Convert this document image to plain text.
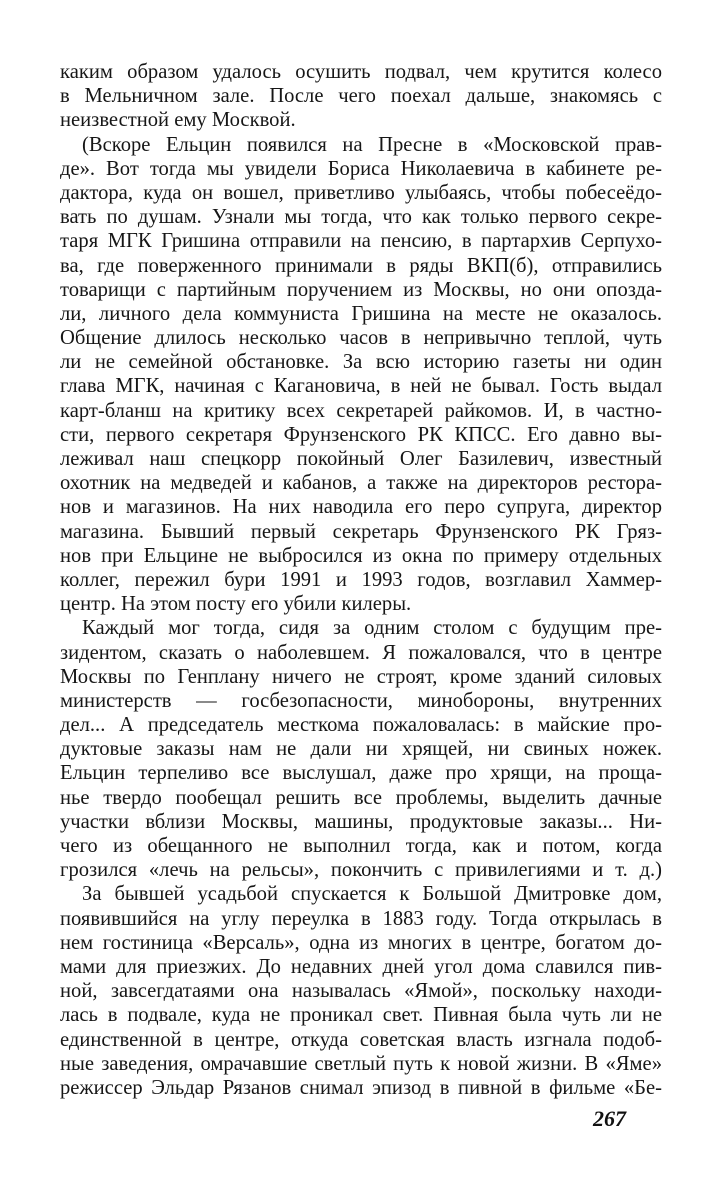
каким образом удалось осушить подвал, чем крутится колесо
в Мельничном зале. После чего поехал дальше, знакомясь с
неизвестной ему Москвой.
(Вскоре Ельцин появился на Пресне в «Московской прав-
де». Вот тогда мы увидели Бориса Николаевича в кабинете ре-
дактора, куда он вошел, приветливо улыбаясь, чтобы побесеёдо-
вать по душам. Узнали мы тогда, что как только первого секре-
таря МГК Гришина отправили на пенсию, в партархив Серпухо-
ва, где поверженного принимали в ряды ВКП(б), отправились
товарищи с партийным поручением из Москвы, но они опозда-
ли, личного дела коммуниста Гришина на месте не оказалось.
Общение длилось несколько часов в непривычно теплой, чуть
ли не семейной обстановке. За всю историю газеты ни один
глава МГК, начиная с Кагановича, в ней не бывал. Гость выдал
карт-бланш на критику всех секретарей райкомов. И, в частно-
сти, первого секретаря Фрунзенского РК КПСС. Его давно вы-
леживал наш спецкорр покойный Олег Базилевич, известный
охотник на медведей и кабанов, а также на директоров рестора-
нов и магазинов. На них наводила его перо супруга, директор
магазина. Бывший первый секретарь Фрунзенского РК Гряз-
нов при Ельцине не выбросился из окна по примеру отдельных
коллег, пережил бури 1991 и 1993 годов, возглавил Хаммер-
центр. На этом посту его убили килеры.
Каждый мог тогда, сидя за одним столом с будущим пре-
зидентом, сказать о наболевшем. Я пожаловался, что в центре
Москвы по Генплану ничего не строят, кроме зданий силовых
министерств — госбезопасности, минобороны, внутренних
дел... А председатель месткома пожаловалась: в майские про-
дуктовые заказы нам не дали ни хрящей, ни свиных ножек.
Ельцин терпеливо все выслушал, даже про хрящи, на проща-
нье твердо пообещал решить все проблемы, выделить дачные
участки вблизи Москвы, машины, продуктовые заказы... Ни-
чего из обещанного не выполнил тогда, как и потом, когда
грозился «лечь на рельсы», покончить с привилегиями и т. д.)
За бывшей усадьбой спускается к Большой Дмитровке дом,
появившийся на углу переулка в 1883 году. Тогда открылась в
нем гостиница «Версаль», одна из многих в центре, богатом до-
мами для приезжих. До недавних дней угол дома славился пив-
ной, завсегдатаями она называлась «Ямой», поскольку находи-
лась в подвале, куда не проникал свет. Пивная была чуть ли не
единственной в центре, откуда советская власть изгнала подоб-
ные заведения, омрачавшие светлый путь к новой жизни. В «Яме»
режиссер Эльдар Рязанов снимал эпизод в пивной в фильме «Бе-
267
